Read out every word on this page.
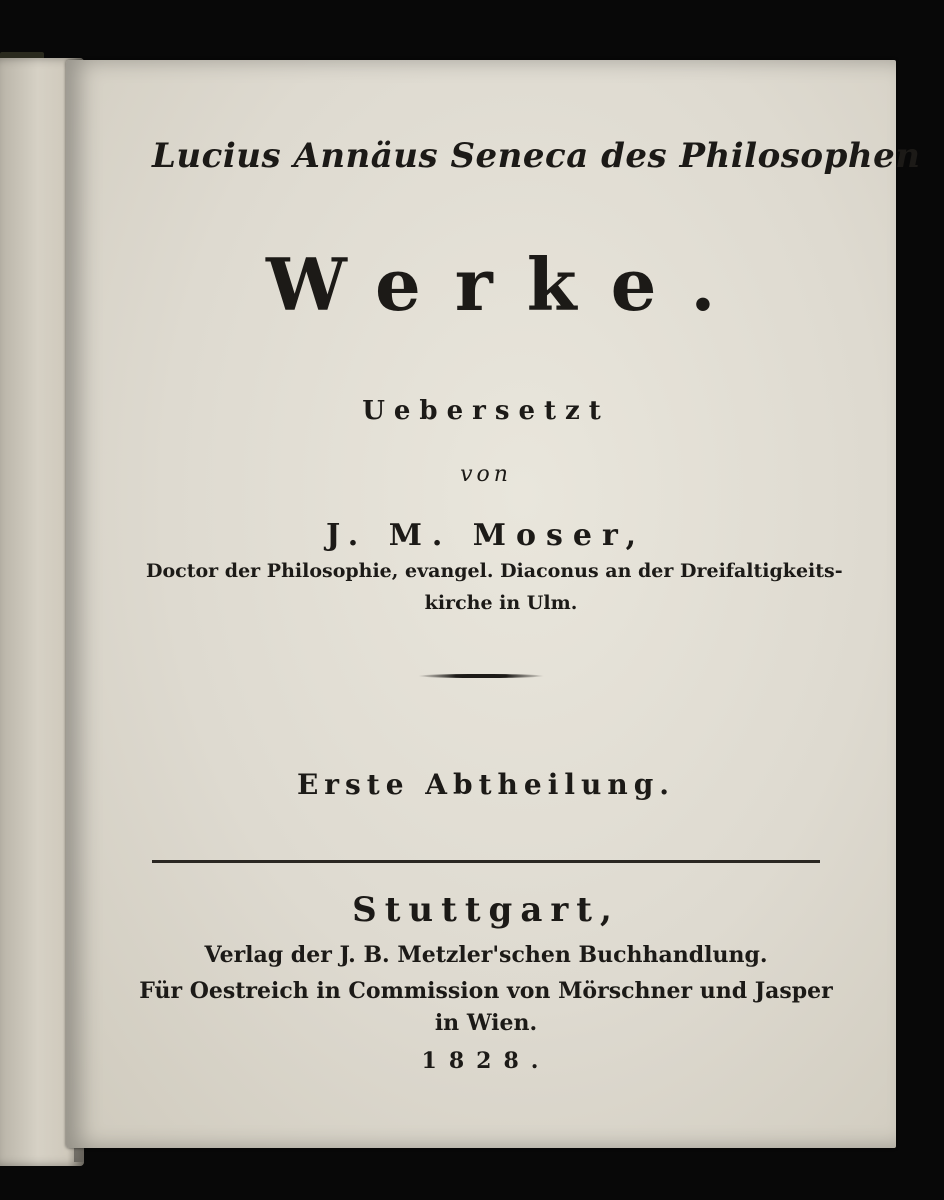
Lucius Annäus Seneca des Philosophen
Werke.
Uebersetzt
von
J. M. Moser,
Doctor der Philosophie, evangel. Diaconus an der Dreifaltigkeits-
kirche in Ulm.
Erste Abtheilung.
Stuttgart,
Verlag der J. B. Metzler'schen Buchhandlung.
Für Oestreich in Commission von Mörschner und Jasper
in Wien.
1828.
